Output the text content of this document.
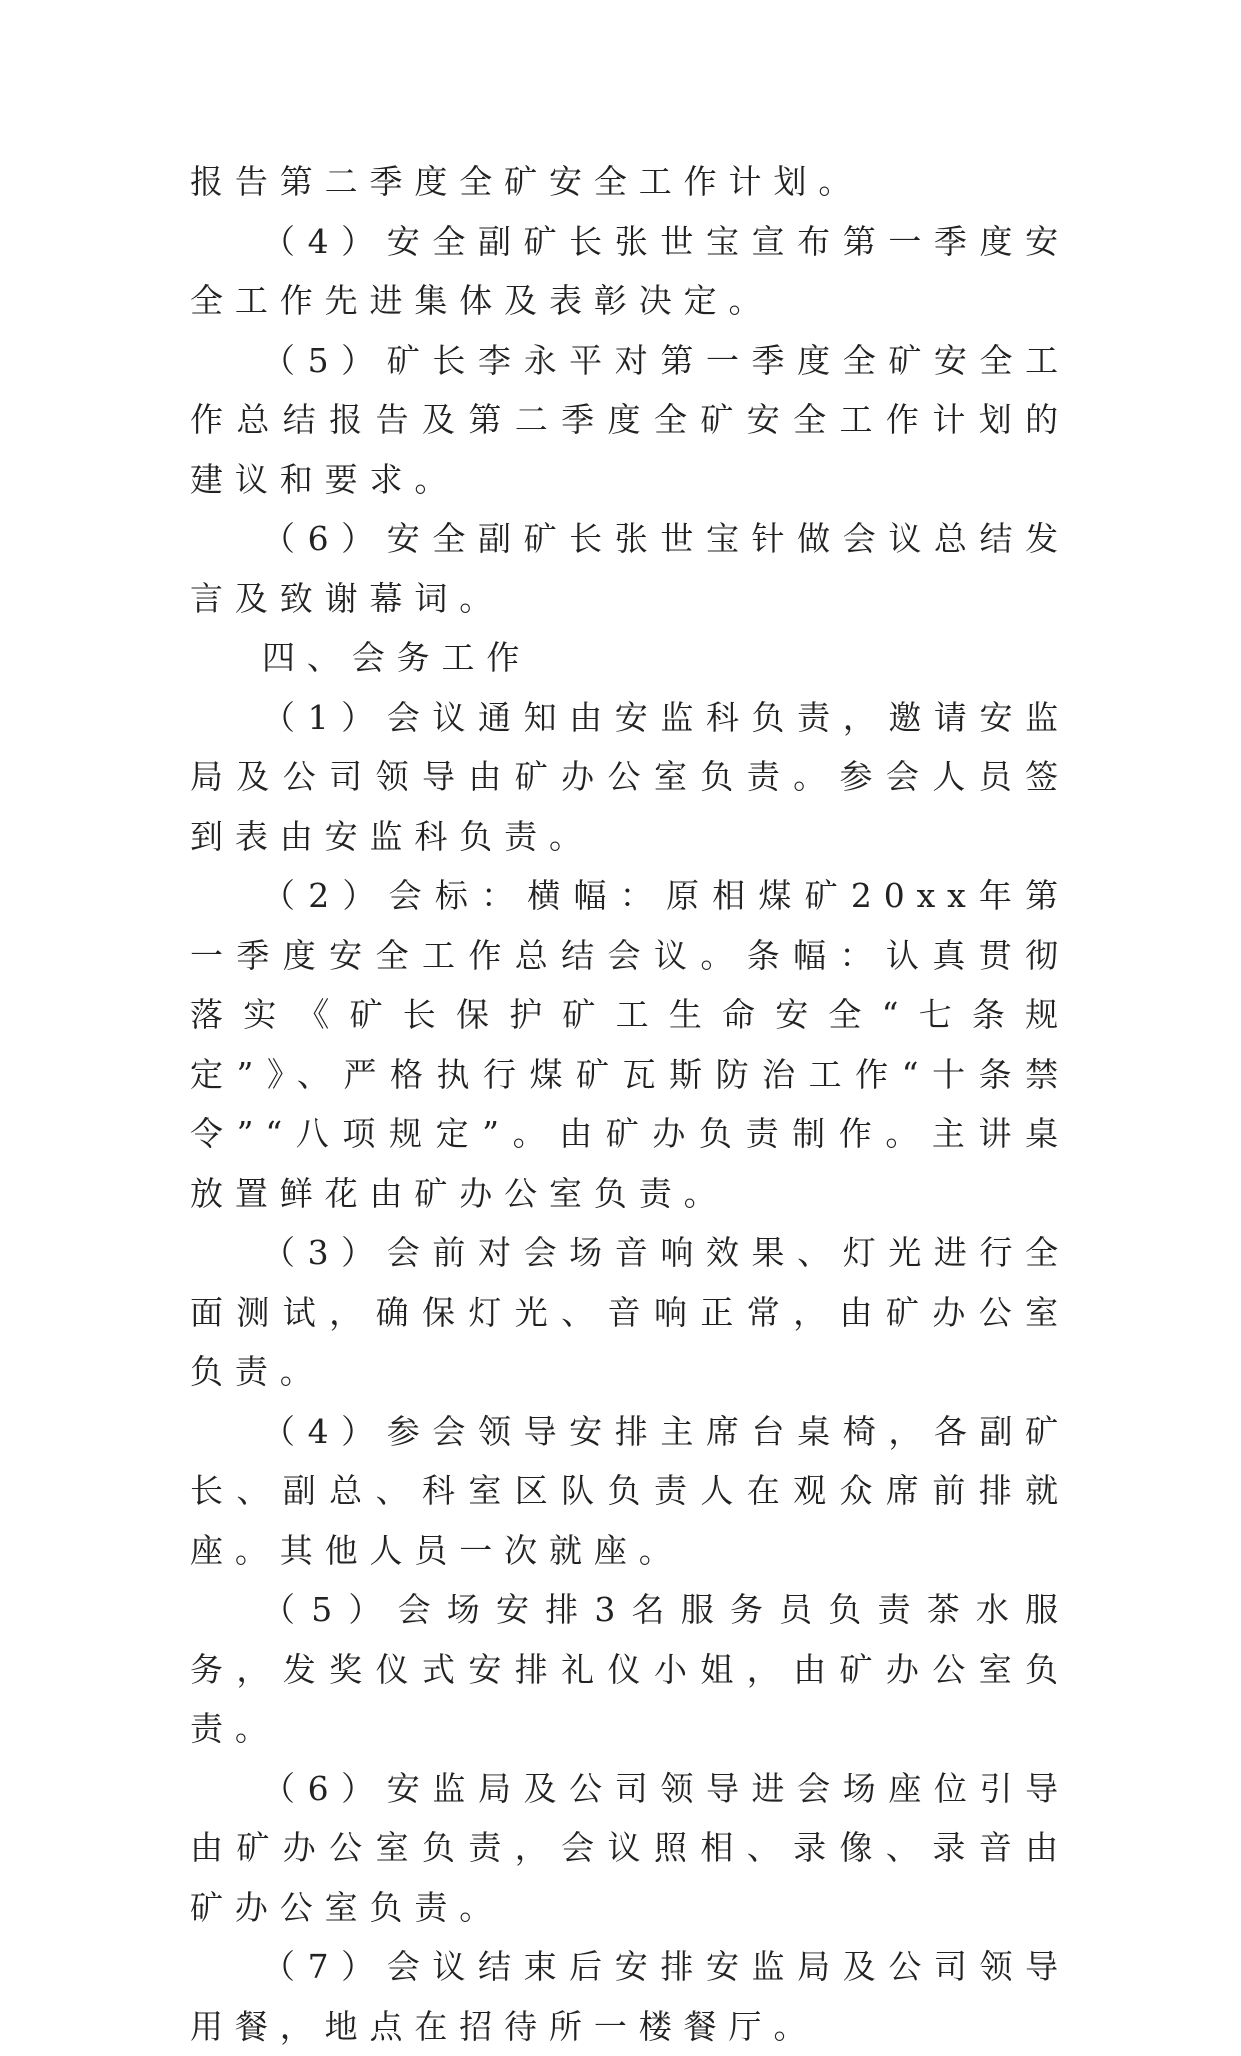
报告第二季度全矿安全工作计划。

（4）安全副矿长张世宝宣布第一季度安全工作先进集体及表彰决定。

（5）矿长李永平对第一季度全矿安全工作总结报告及第二季度全矿安全工作计划的建议和要求。

（6）安全副矿长张世宝针做会议总结发言及致谢幕词。

四、会务工作

（1）会议通知由安监科负责，邀请安监局及公司领导由矿办公室负责。参会人员签到表由安监科负责。

（2）会标：横幅：原相煤矿20xx年第一季度安全工作总结会议。条幅：认真贯彻落实《矿长保护矿工生命安全“七条规定”》、严格执行煤矿瓦斯防治工作“十条禁令”“八项规定”。由矿办负责制作。主讲桌放置鲜花由矿办公室负责。

（3）会前对会场音响效果、灯光进行全面测试，确保灯光、音响正常，由矿办公室负责。

（4）参会领导安排主席台桌椅，各副矿长、副总、科室区队负责人在观众席前排就座。其他人员一次就座。

（5）会场安排3名服务员负责茶水服务，发奖仪式安排礼仪小姐，由矿办公室负责。

（6）安监局及公司领导进会场座位引导由矿办公室负责，会议照相、录像、录音由矿办公室负责。

（7）会议结束后安排安监局及公司领导用餐，地点在招待所一楼餐厅。
